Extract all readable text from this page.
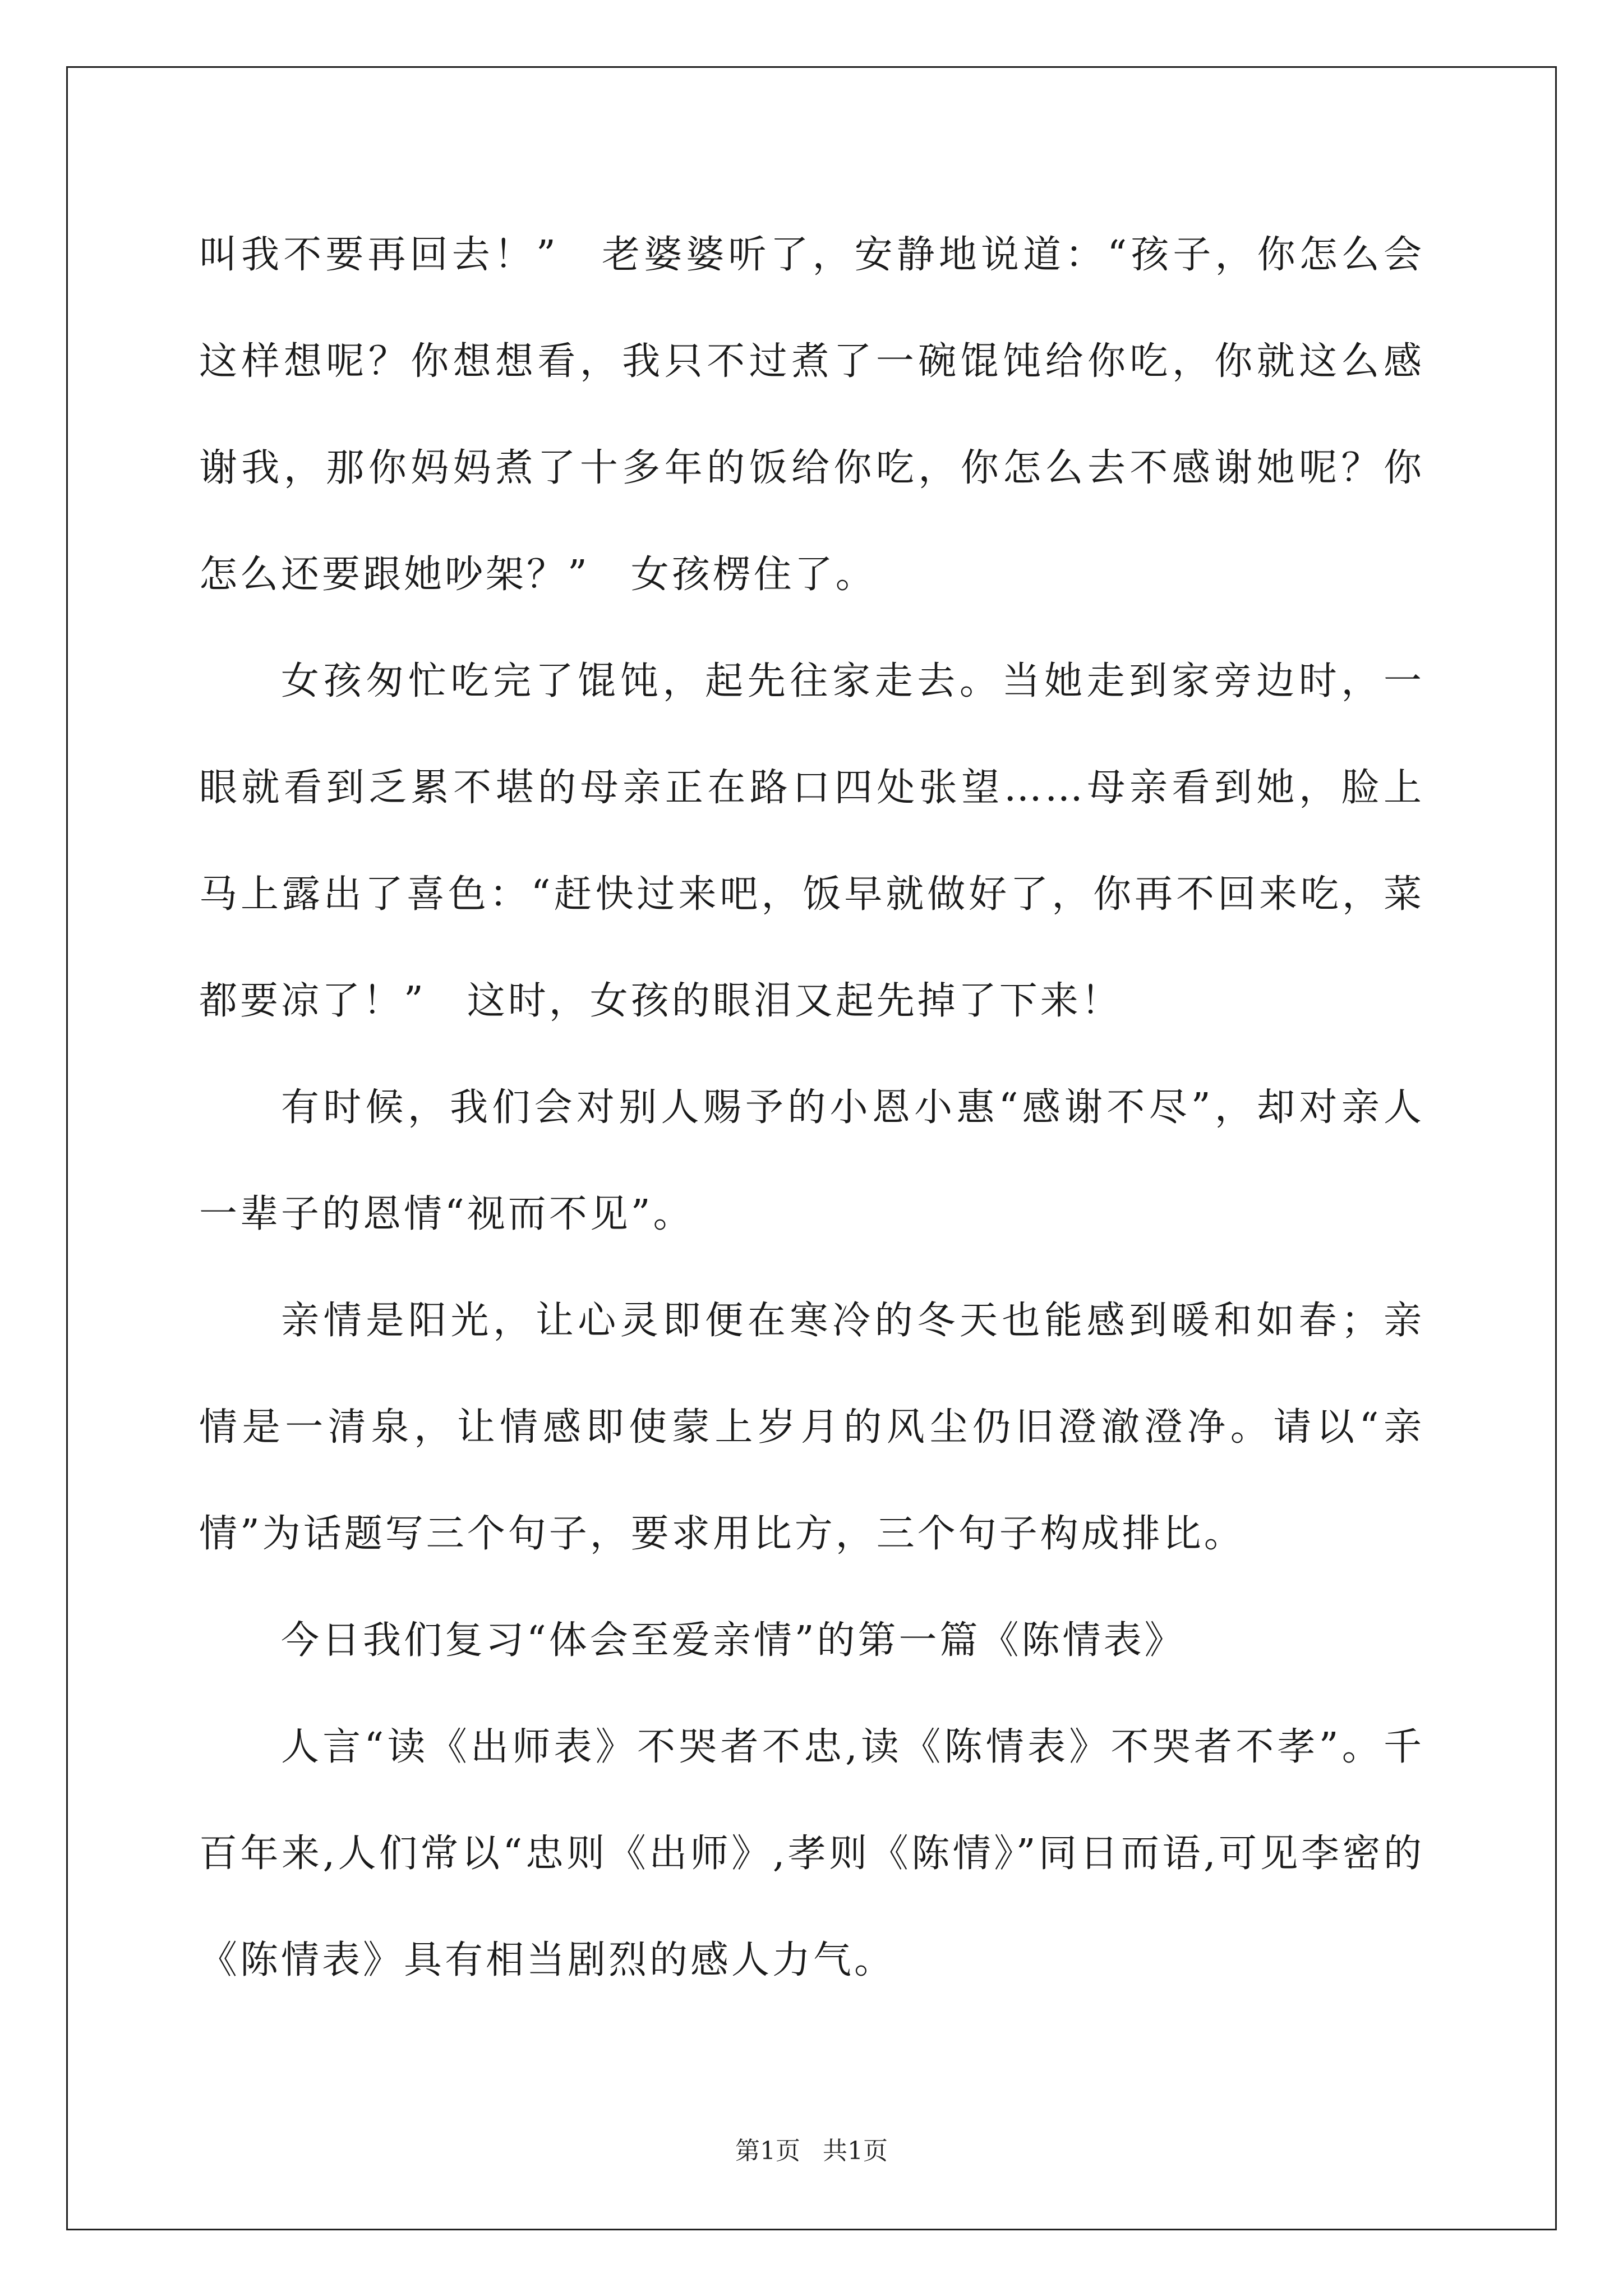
叫我不要再回去！”　老婆婆听了，安静地说道：“孩子，你怎么会这样想呢？你想想看，我只不过煮了一碗馄饨给你吃，你就这么感谢我，那你妈妈煮了十多年的饭给你吃，你怎么去不感谢她呢？你怎么还要跟她吵架？”　女孩楞住了。

女孩匆忙吃完了馄饨，起先往家走去。当她走到家旁边时，一眼就看到乏累不堪的母亲正在路口四处张望……母亲看到她，脸上马上露出了喜色：“赶快过来吧，饭早就做好了，你再不回来吃，菜都要凉了！”　这时，女孩的眼泪又起先掉了下来！

有时候，我们会对别人赐予的小恩小惠“感谢不尽”，却对亲人一辈子的恩情“视而不见”。

亲情是阳光，让心灵即便在寒冷的冬天也能感到暖和如春；亲情是一清泉，让情感即使蒙上岁月的风尘仍旧澄澈澄净。请以“亲情”为话题写三个句子，要求用比方，三个句子构成排比。

今日我们复习“体会至爱亲情”的第一篇《陈情表》

人言“读《出师表》不哭者不忠,读《陈情表》不哭者不孝”。千百年来,人们常以“忠则《出师》,孝则《陈情》”同日而语,可见李密的《陈情表》具有相当剧烈的感人力气。

第1页 共1页
